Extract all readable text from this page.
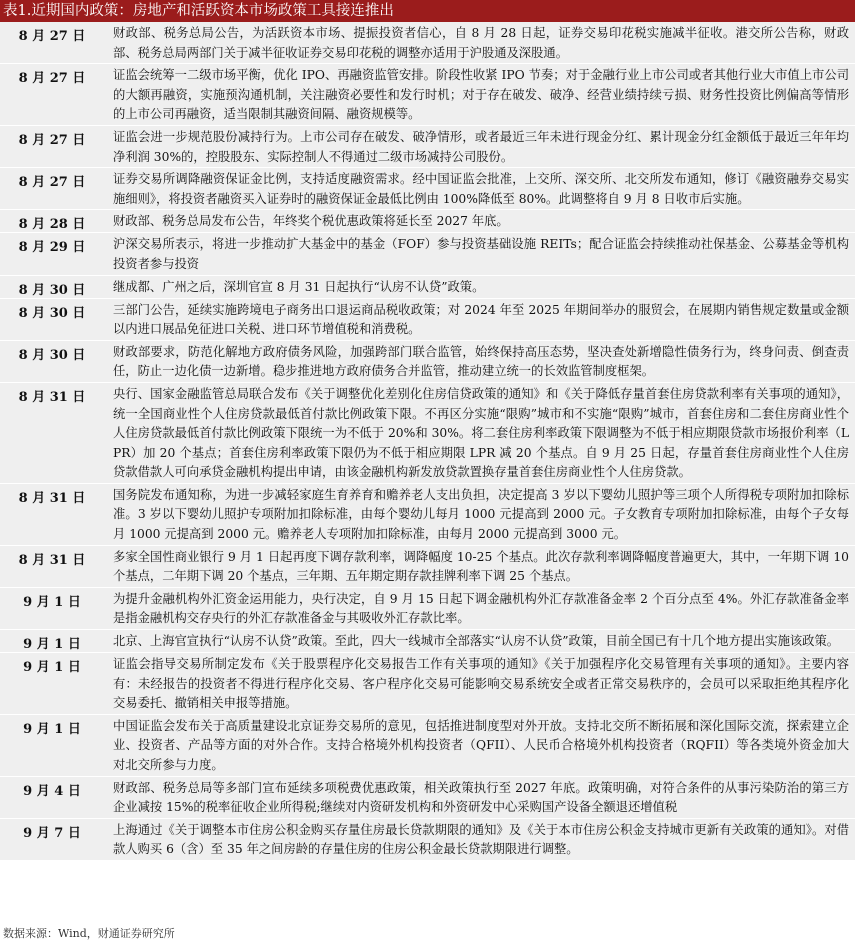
表1.近期国内政策：房地产和活跃资本市场政策工具接连推出
8 月 27 日	财政部、税务总局公告，为活跃资本市场、提振投资者信心，自 8 月 28 日起，证券交易印花税实施减半征收。港交所公告称，财政部、税务总局两部门关于减半征收证券交易印花税的调整亦适用于沪股通及深股通。
8 月 27 日	证监会统筹一二级市场平衡，优化 IPO、再融资监管安排。阶段性收紧 IPO 节奏；对于金融行业上市公司或者其他行业大市值上市公司的大额再融资，实施预沟通机制，关注融资必要性和发行时机；对于存在破发、破净、经营业绩持续亏损、财务性投资比例偏高等情形的上市公司再融资，适当限制其融资间隔、融资规模等。
8 月 27 日	证监会进一步规范股份减持行为。上市公司存在破发、破净情形，或者最近三年未进行现金分红、累计现金分红金额低于最近三年年均净利润 30%的，控股股东、实际控制人不得通过二级市场减持公司股份。
8 月 27 日	证券交易所调降融资保证金比例，支持适度融资需求。经中国证监会批准，上交所、深交所、北交所发布通知，修订《融资融券交易实施细则》，将投资者融资买入证券时的融资保证金最低比例由 100%降低至 80%。此调整将自 9 月 8 日收市后实施。
8 月 28 日	财政部、税务总局发布公告，年终奖个税优惠政策将延长至 2027 年底。
8 月 29 日	沪深交易所表示，将进一步推动扩大基金中的基金（FOF）参与投资基础设施 REITs；配合证监会持续推动社保基金、公募基金等机构投资者参与投资
8 月 30 日	继成都、广州之后，深圳官宣 8 月 31 日起执行“认房不认贷”政策。
8 月 30 日	三部门公告，延续实施跨境电子商务出口退运商品税收政策；对 2024 年至 2025 年期间举办的服贸会，在展期内销售规定数量或金额以内进口展品免征进口关税、进口环节增值税和消费税。
8 月 30 日	财政部要求，防范化解地方政府债务风险，加强跨部门联合监管，始终保持高压态势，坚决查处新增隐性债务行为，终身问责、倒查责任，防止一边化债一边新增。稳步推进地方政府债务合并监管，推动建立统一的长效监管制度框架。
8 月 31 日	央行、国家金融监管总局联合发布《关于调整优化差别化住房信贷政策的通知》和《关于降低存量首套住房贷款利率有关事项的通知》，统一全国商业性个人住房贷款最低首付款比例政策下限。不再区分实施“限购”城市和不实施“限购”城市，首套住房和二套住房商业性个人住房贷款最低首付款比例政策下限统一为不低于 20%和 30%。将二套住房利率政策下限调整为不低于相应期限贷款市场报价利率（LPR）加 20 个基点；首套住房利率政策下限仍为不低于相应期限 LPR 减 20 个基点。自 9 月 25 日起，存量首套住房商业性个人住房贷款借款人可向承贷金融机构提出申请，由该金融机构新发放贷款置换存量首套住房商业性个人住房贷款。
8 月 31 日	国务院发布通知称，为进一步减轻家庭生育养育和赡养老人支出负担，决定提高 3 岁以下婴幼儿照护等三项个人所得税专项附加扣除标准。3 岁以下婴幼儿照护专项附加扣除标准，由每个婴幼儿每月 1000 元提高到 2000 元。子女教育专项附加扣除标准，由每个子女每月 1000 元提高到 2000 元。赡养老人专项附加扣除标准，由每月 2000 元提高到 3000 元。
8 月 31 日	多家全国性商业银行 9 月 1 日起再度下调存款利率，调降幅度 10-25 个基点。此次存款利率调降幅度普遍更大，其中，一年期下调 10 个基点，二年期下调 20 个基点，三年期、五年期定期存款挂牌利率下调 25 个基点。
9 月 1 日	为提升金融机构外汇资金运用能力，央行决定，自 9 月 15 日起下调金融机构外汇存款准备金率 2 个百分点至 4%。外汇存款准备金率是指金融机构交存央行的外汇存款准备金与其吸收外汇存款比率。
9 月 1 日	北京、上海官宣执行“认房不认贷”政策。至此，四大一线城市全部落实“认房不认贷”政策，目前全国已有十几个地方提出实施该政策。
9 月 1 日	证监会指导交易所制定发布《关于股票程序化交易报告工作有关事项的通知》《关于加强程序化交易管理有关事项的通知》。主要内容有：未经报告的投资者不得进行程序化交易、客户程序化交易可能影响交易系统安全或者正常交易秩序的，会员可以采取拒绝其程序化交易委托、撤销相关申报等措施。
9 月 1 日	中国证监会发布关于高质量建设北京证券交易所的意见，包括推进制度型对外开放。支持北交所不断拓展和深化国际交流，探索建立企业、投资者、产品等方面的对外合作。支持合格境外机构投资者（QFII）、人民币合格境外机构投资者（RQFII）等各类境外资金加大对北交所参与力度。
9 月 4 日	财政部、税务总局等多部门宣布延续多项税费优惠政策，相关政策执行至 2027 年底。政策明确，对符合条件的从事污染防治的第三方企业减按 15%的税率征收企业所得税;继续对内资研发机构和外资研发中心采购国产设备全额退还增值税
9 月 7 日	上海通过《关于调整本市住房公积金购买存量住房最长贷款期限的通知》及《关于本市住房公积金支持城市更新有关政策的通知》。对借款人购买 6（含）至 35 年之间房龄的存量住房的住房公积金最长贷款期限进行调整。
数据来源：Wind，财通证券研究所
